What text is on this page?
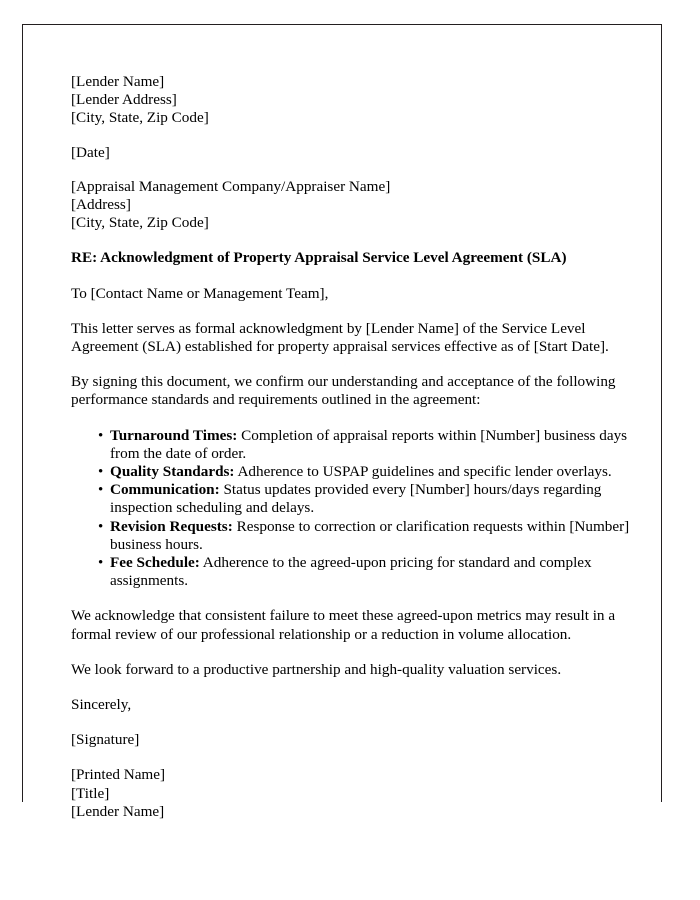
[Lender Name]
[Lender Address]
[City, State, Zip Code]
[Date]
[Appraisal Management Company/Appraiser Name]
[Address]
[City, State, Zip Code]
RE: Acknowledgment of Property Appraisal Service Level Agreement (SLA)
To [Contact Name or Management Team],
This letter serves as formal acknowledgment by [Lender Name] of the Service Level Agreement (SLA) established for property appraisal services effective as of [Start Date].
By signing this document, we confirm our understanding and acceptance of the following performance standards and requirements outlined in the agreement:
• Turnaround Times: Completion of appraisal reports within [Number] business days from the date of order.
• Quality Standards: Adherence to USPAP guidelines and specific lender overlays.
• Communication: Status updates provided every [Number] hours/days regarding inspection scheduling and delays.
• Revision Requests: Response to correction or clarification requests within [Number] business hours.
• Fee Schedule: Adherence to the agreed-upon pricing for standard and complex assignments.
We acknowledge that consistent failure to meet these agreed-upon metrics may result in a formal review of our professional relationship or a reduction in volume allocation.
We look forward to a productive partnership and high-quality valuation services.
Sincerely,
[Signature]
[Printed Name]
[Title]
[Lender Name]
